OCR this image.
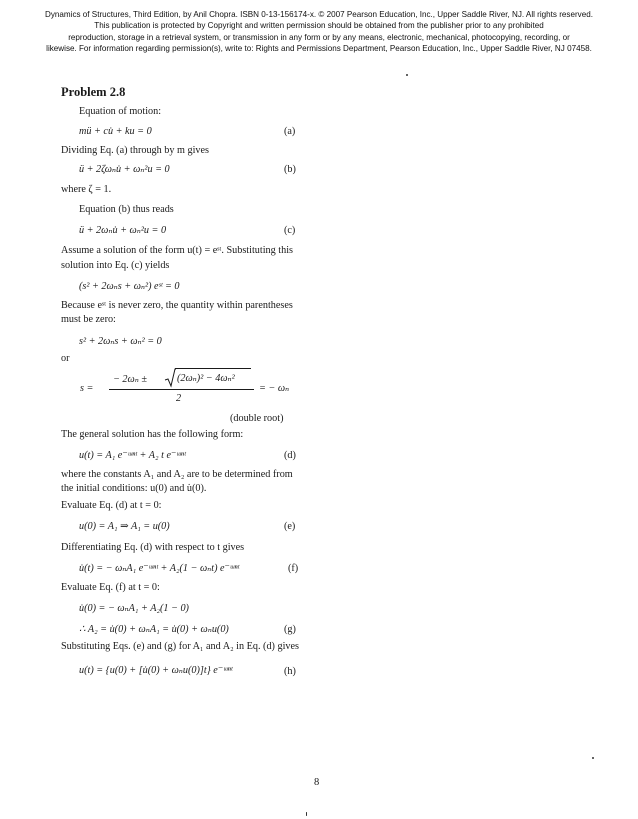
Dynamics of Structures, Third Edition, by Anil Chopra. ISBN 0-13-156174-x. © 2007 Pearson Education, Inc., Upper Saddle River, NJ. All rights reserved.
This publication is protected by Copyright and written permission should be obtained from the publisher prior to any prohibited
reproduction, storage in a retrieval system, or transmission in any form or by any means, electronic, mechanical, photocopying, recording, or
likewise. For information regarding permission(s), write to: Rights and Permissions Department, Pearson Education, Inc., Upper Saddle River, NJ 07458.
Problem 2.8
Equation of motion:
mü + cu̇ + ku = 0	(a)
Dividing Eq. (a) through by m gives
ü + 2ζωₙu̇ + ωₙ²u = 0	(b)
where ζ = 1.
Equation (b) thus reads
ü + 2ωₙu̇ + ωₙ²u = 0	(c)
Assume a solution of the form u(t) = eˢᵗ. Substituting this
solution into Eq. (c) yields
(s² + 2ωₙs + ωₙ²) eˢᵗ = 0
Because eˢᵗ is never zero, the quantity within parentheses
must be zero:
s² + 2ωₙs + ωₙ² = 0
or
s =
− 2ωₙ ±	(2ωₙ)² − 4ωₙ²
2
= − ωₙ
(double root)
The general solution has the following form:
u(t) = A₁ e⁻ᵚⁿᵗ + A₂ t e⁻ᵚⁿᵗ	(d)
where the constants A₁ and A₂ are to be determined from
the initial conditions: u(0) and u̇(0).
Evaluate Eq. (d) at t = 0:
u(0) = A₁ ⇒ A₁ = u(0)	(e)
Differentiating Eq. (d) with respect to t gives
u̇(t) = − ωₙA₁ e⁻ᵚⁿᵗ + A₂(1 − ωₙt) e⁻ᵚⁿᵗ	(f)
Evaluate Eq. (f) at t = 0:
u̇(0) = − ωₙA₁ + A₂(1 − 0)
∴ A₂ = u̇(0) + ωₙA₁ = u̇(0) + ωₙu(0)	(g)
Substituting Eqs. (e) and (g) for A₁ and A₂ in Eq. (d) gives
u(t) = {u(0) + [u̇(0) + ωₙu(0)]t} e⁻ᵚⁿᵗ	(h)
8
